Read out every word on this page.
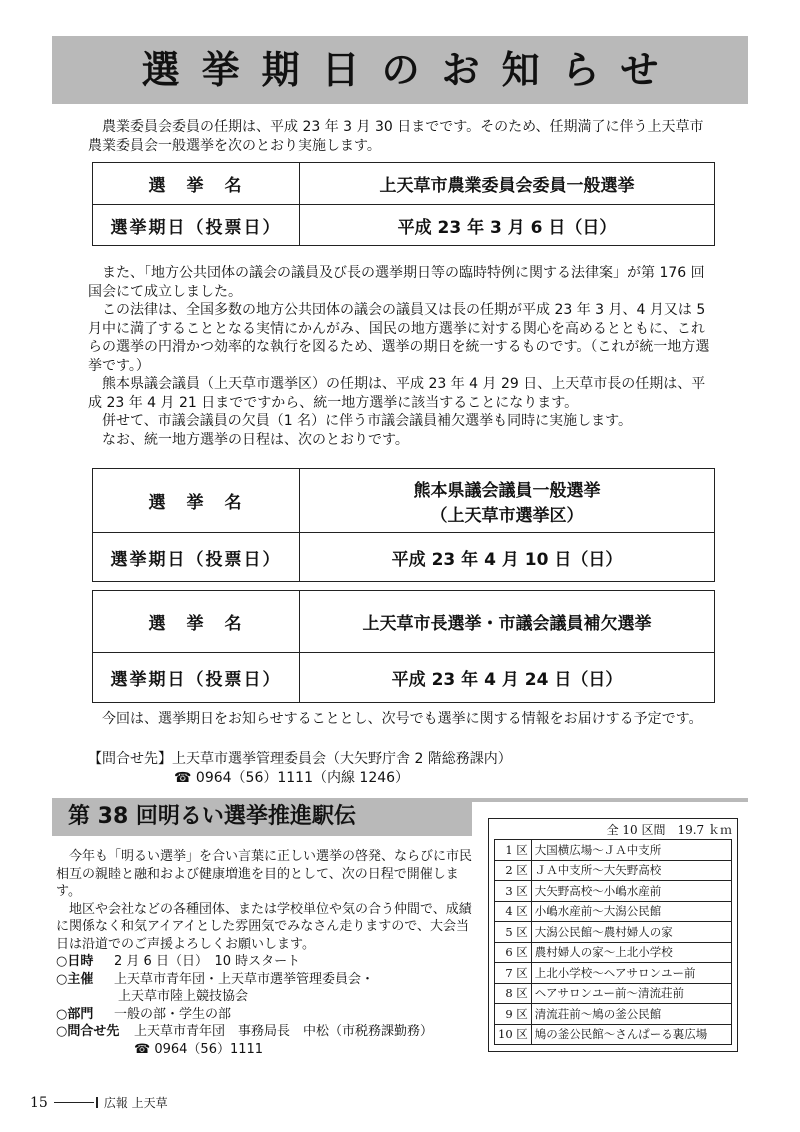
選挙期日のお知らせ

農業委員会委員の任期は、平成 23 年 3 月 30 日までです。そのため、任期満了に伴う上天草市農業委員会一般選挙を次のとおり実施します。

選　挙　名	上天草市農業委員会委員一般選挙
選挙期日（投票日）	平成 23 年 3 月 6 日（日）

また、「地方公共団体の議会の議員及び長の選挙期日等の臨時特例に関する法律案」が第 176 回国会にて成立しました。

この法律は、全国多数の地方公共団体の議会の議員又は長の任期が平成 23 年 3 月、4 月又は 5 月中に満了することとなる実情にかんがみ、国民の地方選挙に対する関心を高めるとともに、これらの選挙の円滑かつ効率的な執行を図るため、選挙の期日を統一するものです。（これが統一地方選挙です。）

熊本県議会議員（上天草市選挙区）の任期は、平成 23 年 4 月 29 日、上天草市長の任期は、平成 23 年 4 月 21 日までですから、統一地方選挙に該当することになります。

併せて、市議会議員の欠員（1 名）に伴う市議会議員補欠選挙も同時に実施します。

なお、統一地方選挙の日程は、次のとおりです。

選　挙　名	熊本県議会議員一般選挙
（上天草市選挙区）

選挙期日（投票日）	平成 23 年 4 月 10 日（日）
選　挙　名	上天草市長選挙・市議会議員補欠選挙
選挙期日（投票日）	平成 23 年 4 月 24 日（日）

今回は、選挙期日をお知らせすることとし、次号でも選挙に関する情報をお届けする予定です。

【問合せ先】上天草市選挙管理委員会（大矢野庁舎 2 階総務課内）
☎ 0964（56）1111（内線 1246）
第 38 回明るい選挙推進駅伝

今年も「明るい選挙」を合い言葉に正しい選挙の啓発、ならびに市民相互の親睦と融和および健康増進を目的として、次の日程で開催します。

地区や会社などの各種団体、または学校単位や気の合う仲間で、成績に関係なく和気アイアイとした雰囲気でみなさん走りますので、大会当日は沿道でのご声援よろしくお願いします。

○日時 2 月 6 日（日）　10 時スタート
○主催 上天草市青年団・上天草市選挙管理委員会・
上天草市陸上競技協会
○部門 一般の部・学生の部
○問合せ先 上天草市青年団　事務局長　中松（市税務課勤務）
☎ 0964（56）1111
全 10 区間　19.7 ｋｍ
1 区	大国横広場～ＪＡ中支所
2 区	ＪＡ中支所～大矢野高校
3 区	大矢野高校～小嶋水産前
4 区	小嶋水産前～大潟公民館
5 区	大潟公民館～農村婦人の家
6 区	農村婦人の家～上北小学校
7 区	上北小学校～ヘアサロンユー前
8 区	ヘアサロンユー前～清流荘前
9 区	清流荘前～鳩の釜公民館
10 区	鳩の釜公民館～さんぱーる裏広場
15	広報 上天草
